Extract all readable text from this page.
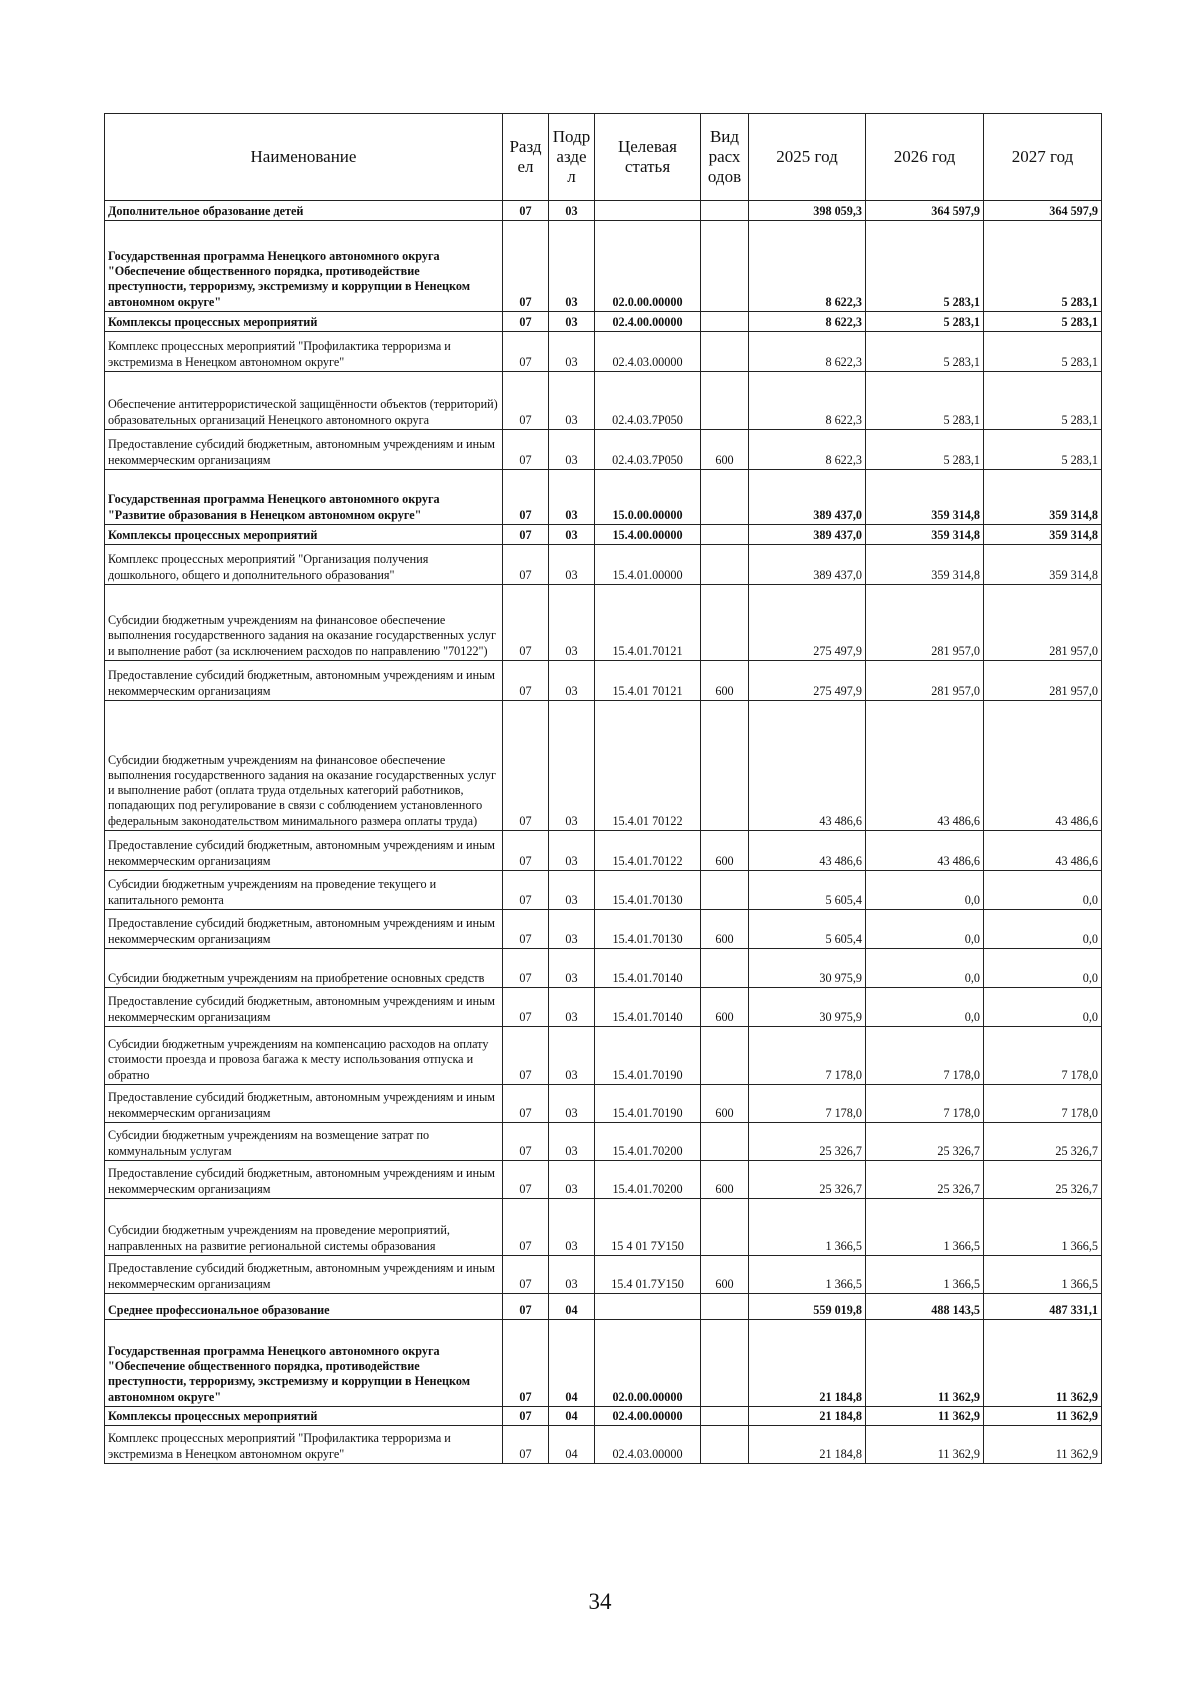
Наименование	Разд ел	Подр азде л	Целевая статья	Вид расх одов	2025 год	2026 год	2027 год
Дополнительное образование детей	07	03			398 059,3	364 597,9	364 597,9
Государственная программа Ненецкого автономного округа "Обеспечение общественного порядка, противодействие преступности, терроризму, экстремизму и коррупции в Ненецком автономном округе"	07	03	02.0.00.00000		8 622,3	5 283,1	5 283,1
Комплексы процессных мероприятий	07	03	02.4.00.00000		8 622,3	5 283,1	5 283,1
Комплекс процессных мероприятий "Профилактика терроризма и экстремизма в Ненецком автономном округе"	07	03	02.4.03.00000		8 622,3	5 283,1	5 283,1
Обеспечение антитеррористической защищённости объектов (территорий) образовательных организаций Ненецкого автономного округа	07	03	02.4.03.7Р050		8 622,3	5 283,1	5 283,1
Предоставление субсидий бюджетным, автономным учреждениям и иным некоммерческим организациям	07	03	02.4.03.7Р050	600	8 622,3	5 283,1	5 283,1
Государственная программа Ненецкого автономного округа "Развитие образования в Ненецком автономном округе"	07	03	15.0.00.00000		389 437,0	359 314,8	359 314,8
Комплексы процессных мероприятий	07	03	15.4.00.00000		389 437,0	359 314,8	359 314,8
Комплекс процессных мероприятий "Организация получения дошкольного, общего и дополнительного образования"	07	03	15.4.01.00000		389 437,0	359 314,8	359 314,8
Субсидии бюджетным учреждениям на финансовое обеспечение выполнения государственного задания на оказание государственных услуг и выполнение работ (за исключением расходов по направлению "70122")	07	03	15.4.01.70121		275 497,9	281 957,0	281 957,0
Предоставление субсидий бюджетным, автономным учреждениям и иным некоммерческим организациям	07	03	15.4.01 70121	600	275 497,9	281 957,0	281 957,0
Субсидии бюджетным учреждениям на финансовое обеспечение выполнения государственного задания на оказание государственных услуг и выполнение работ (оплата труда отдельных категорий работников, попадающих под регулирование в связи с соблюдением установленного федеральным законодательством минимального размера оплаты труда)	07	03	15.4.01 70122		43 486,6	43 486,6	43 486,6
Предоставление субсидий бюджетным, автономным учреждениям и иным некоммерческим организациям	07	03	15.4.01.70122	600	43 486,6	43 486,6	43 486,6
Субсидии бюджетным учреждениям на проведение текущего и капитального ремонта	07	03	15.4.01.70130		5 605,4	0,0	0,0
Предоставление субсидий бюджетным, автономным учреждениям и иным некоммерческим организациям	07	03	15.4.01.70130	600	5 605,4	0,0	0,0
Субсидии бюджетным учреждениям на приобретение основных средств	07	03	15.4.01.70140		30 975,9	0,0	0,0
Предоставление субсидий бюджетным, автономным учреждениям и иным некоммерческим организациям	07	03	15.4.01.70140	600	30 975,9	0,0	0,0
Субсидии бюджетным учреждениям на компенсацию расходов на оплату стоимости проезда и провоза багажа к месту использования отпуска и обратно	07	03	15.4.01.70190		7 178,0	7 178,0	7 178,0
Предоставление субсидий бюджетным, автономным учреждениям и иным некоммерческим организациям	07	03	15.4.01.70190	600	7 178,0	7 178,0	7 178,0
Субсидии бюджетным учреждениям на возмещение затрат по коммунальным услугам	07	03	15.4.01.70200		25 326,7	25 326,7	25 326,7
Предоставление субсидий бюджетным, автономным учреждениям и иным некоммерческим организациям	07	03	15.4.01.70200	600	25 326,7	25 326,7	25 326,7
Субсидии бюджетным учреждениям на проведение мероприятий, направленных на развитие региональной системы образования	07	03	15 4 01 7У150		1 366,5	1 366,5	1 366,5
Предоставление субсидий бюджетным, автономным учреждениям и иным некоммерческим организациям	07	03	15.4 01.7У150	600	1 366,5	1 366,5	1 366,5
Среднее профессиональное образование	07	04			559 019,8	488 143,5	487 331,1
Государственная программа Ненецкого автономного округа "Обеспечение общественного порядка, противодействие преступности, терроризму, экстремизму и коррупции в Ненецком автономном округе"	07	04	02.0.00.00000		21 184,8	11 362,9	11 362,9
Комплексы процессных мероприятий	07	04	02.4.00.00000		21 184,8	11 362,9	11 362,9
Комплекс процессных мероприятий "Профилактика терроризма и экстремизма в Ненецком автономном округе"	07	04	02.4.03.00000		21 184,8	11 362,9	11 362,9
34
